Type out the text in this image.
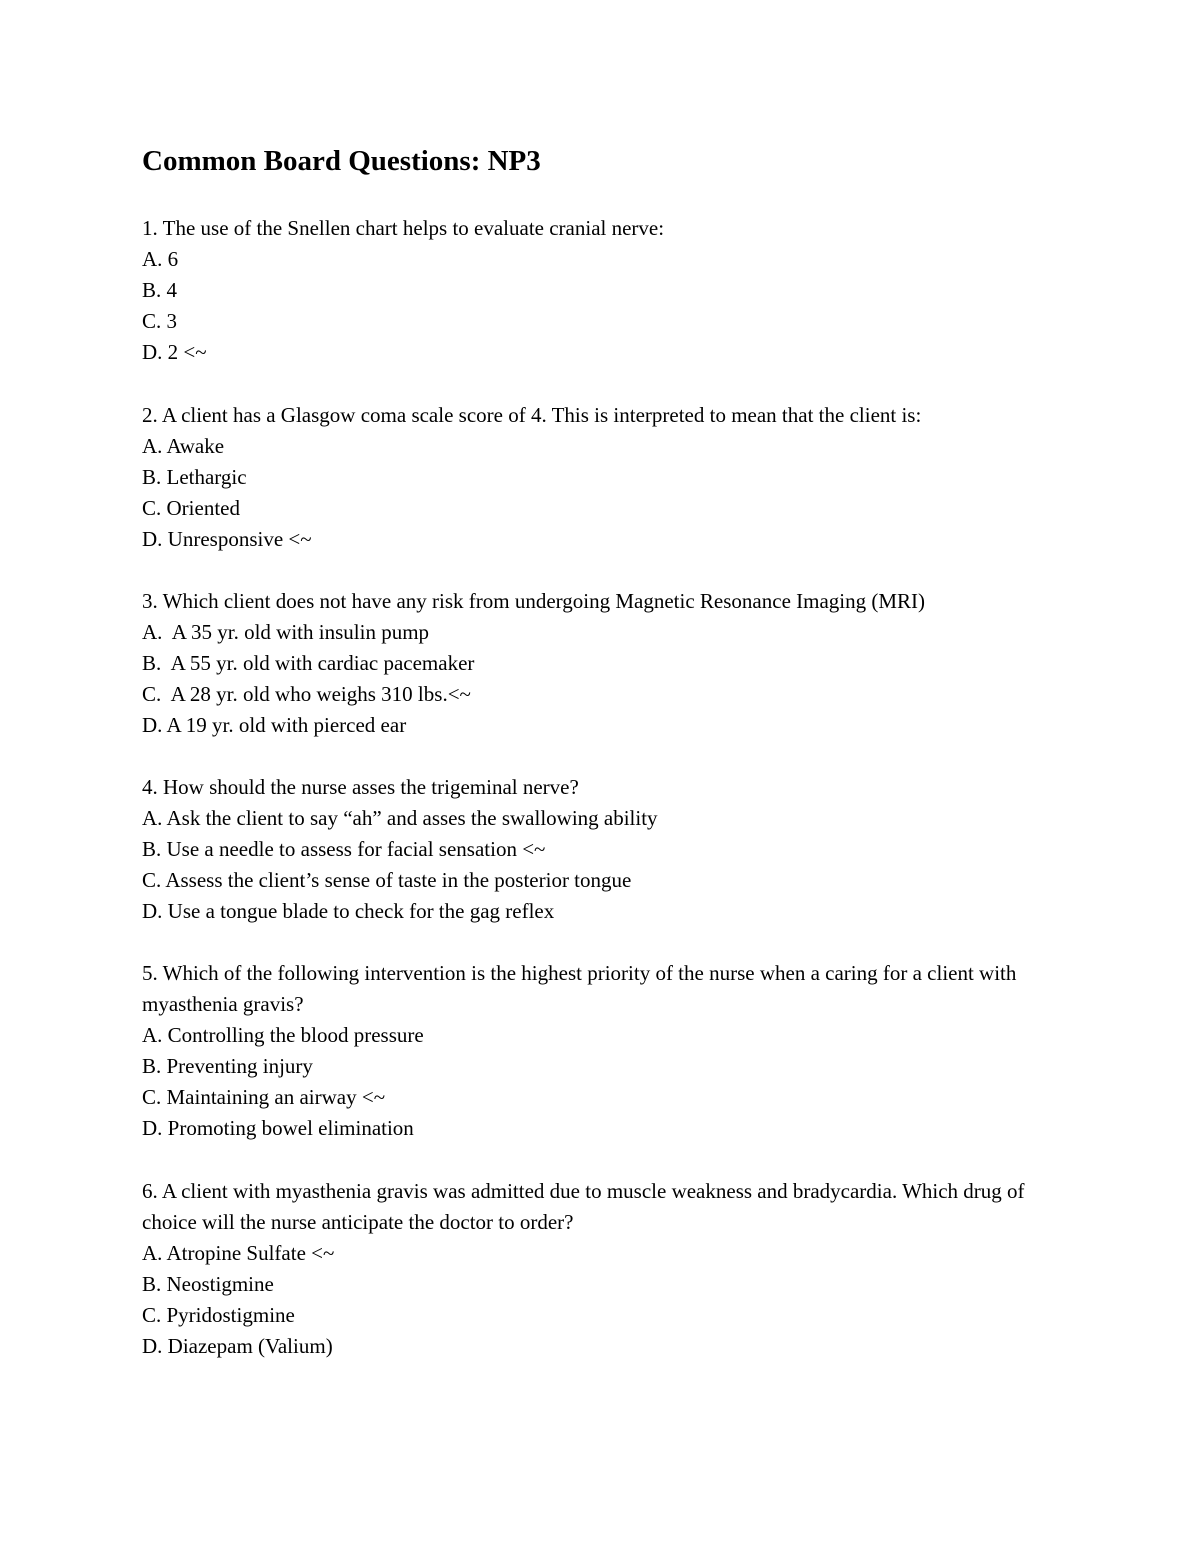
Common Board Questions: NP3

1. The use of the Snellen chart helps to evaluate cranial nerve:

A. 6

B. 4

C. 3

D. 2 <~

2. A client has a Glasgow coma scale score of 4. This is interpreted to mean that the client is:

A. Awake

B. Lethargic

C. Oriented

D. Unresponsive <~

3. Which client does not have any risk from undergoing Magnetic Resonance Imaging (MRI)

A.  A 35 yr. old with insulin pump

B.  A 55 yr. old with cardiac pacemaker

C.  A 28 yr. old who weighs 310 lbs.<~

D. A 19 yr. old with pierced ear

4. How should the nurse asses the trigeminal nerve?

A. Ask the client to say “ah” and asses the swallowing ability

B. Use a needle to assess for facial sensation <~

C. Assess the client’s sense of taste in the posterior tongue

D. Use a tongue blade to check for the gag reflex

5. Which of the following intervention is the highest priority of the nurse when a caring for a client with myasthenia gravis?

A. Controlling the blood pressure

B. Preventing injury

C. Maintaining an airway <~

D. Promoting bowel elimination

6. A client with myasthenia gravis was admitted due to muscle weakness and bradycardia. Which drug of choice will the nurse anticipate the doctor to order?

A. Atropine Sulfate <~

B. Neostigmine

C. Pyridostigmine

D. Diazepam (Valium)
